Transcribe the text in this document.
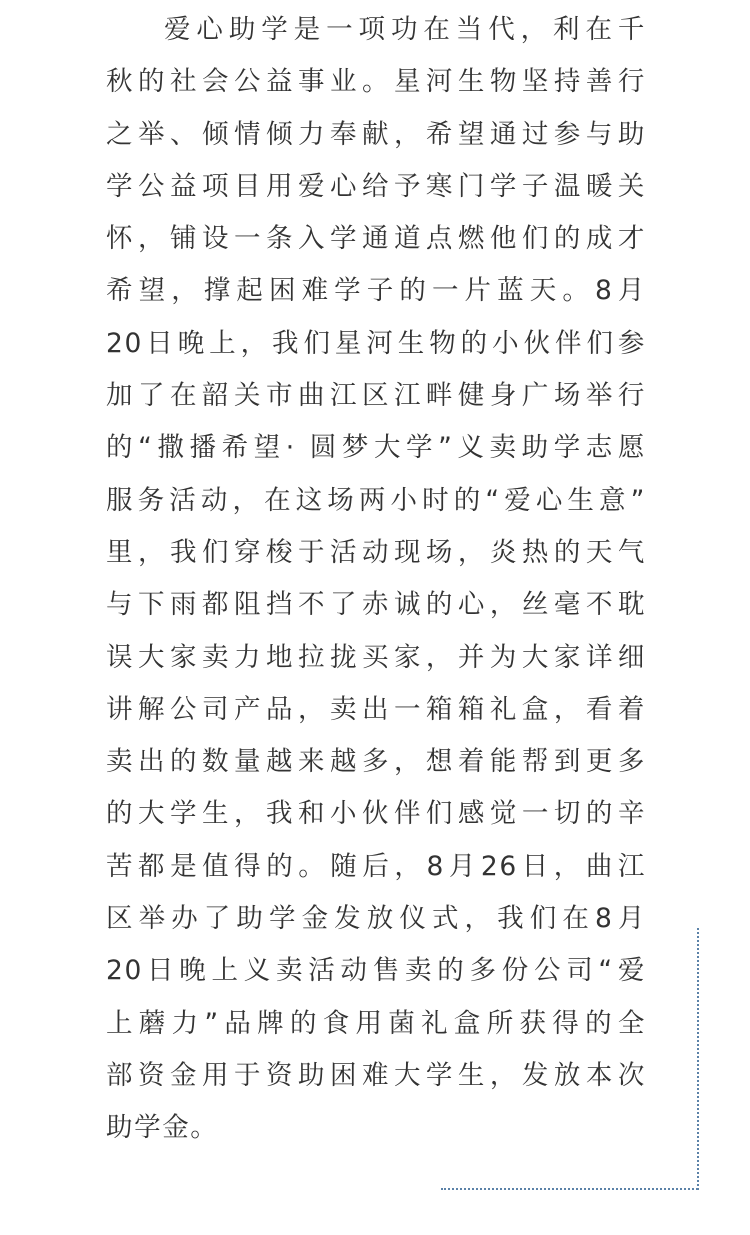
爱心助学是一项功在当代，利在千
秋的社会公益事业。星河生物坚持善行
之举、倾情倾力奉献，希望通过参与助
学公益项目用爱心给予寒门学子温暖关
怀，铺设一条入学通道点燃他们的成才
希望，撑起困难学子的一片蓝天。8月
20日晚上，我们星河生物的小伙伴们参
加了在韶关市曲江区江畔健身广场举行
的“撒播希望· 圆梦大学”义卖助学志愿
服务活动，在这场两小时的“爱心生意”
里，我们穿梭于活动现场，炎热的天气
与下雨都阻挡不了赤诚的心，丝毫不耽
误大家卖力地拉拢买家，并为大家详细
讲解公司产品，卖出一箱箱礼盒，看着
卖出的数量越来越多，想着能帮到更多
的大学生，我和小伙伴们感觉一切的辛
苦都是值得的。随后，8月26日，曲江
区举办了助学金发放仪式，我们在8月
20日晚上义卖活动售卖的多份公司“爱
上蘑力”品牌的食用菌礼盒所获得的全
部资金用于资助困难大学生，发放本次
助学金。
